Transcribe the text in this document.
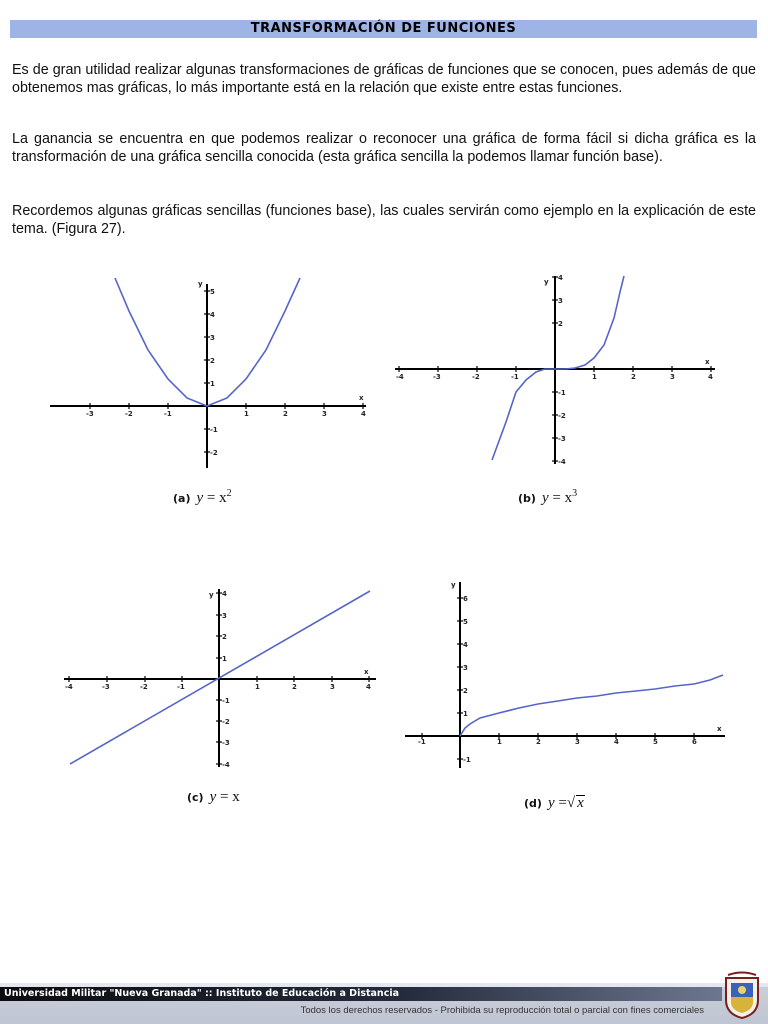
TRANSFORMACIÓN DE FUNCIONES

Es de gran utilidad realizar algunas transformaciones de gráficas de funciones que se conocen, pues además de que obtenemos mas gráficas, lo más importante está en la relación que existe entre estas funciones.

La ganancia se encuentra en que podemos realizar o reconocer una gráfica de forma fácil si dicha gráfica es la transformación de una gráfica sencilla conocida (esta gráfica sencilla la podemos llamar función base).

Recordemos algunas gráficas sencillas (funciones base), las cuales servirán como ejemplo en la explicación de este tema. (Figura 27).

-3	-2	-1	1	2	3	4
-2
-1
1
2
3
4
5
x
y
(a) $y = x^2$
-4	-3	-2	-1	1	2	3	4
-4
-3
-2
-1
2
3
4
x
y
(b) $y = x^3$
-4	-3	-2	-1	1	2	3	4
-4
-3
-2
-1
1
2
3
4
x
y
(c) y = x
-1	1	2	3	4	5	6
-1
1
2
3
4
5
6
x
y
(d) y =√ x
Universidad Militar "Nueva Granada" :: Instituto de Educación a Distancia
Todos los derechos reservados - Prohibida su reproducción total o parcial con fines comerciales
